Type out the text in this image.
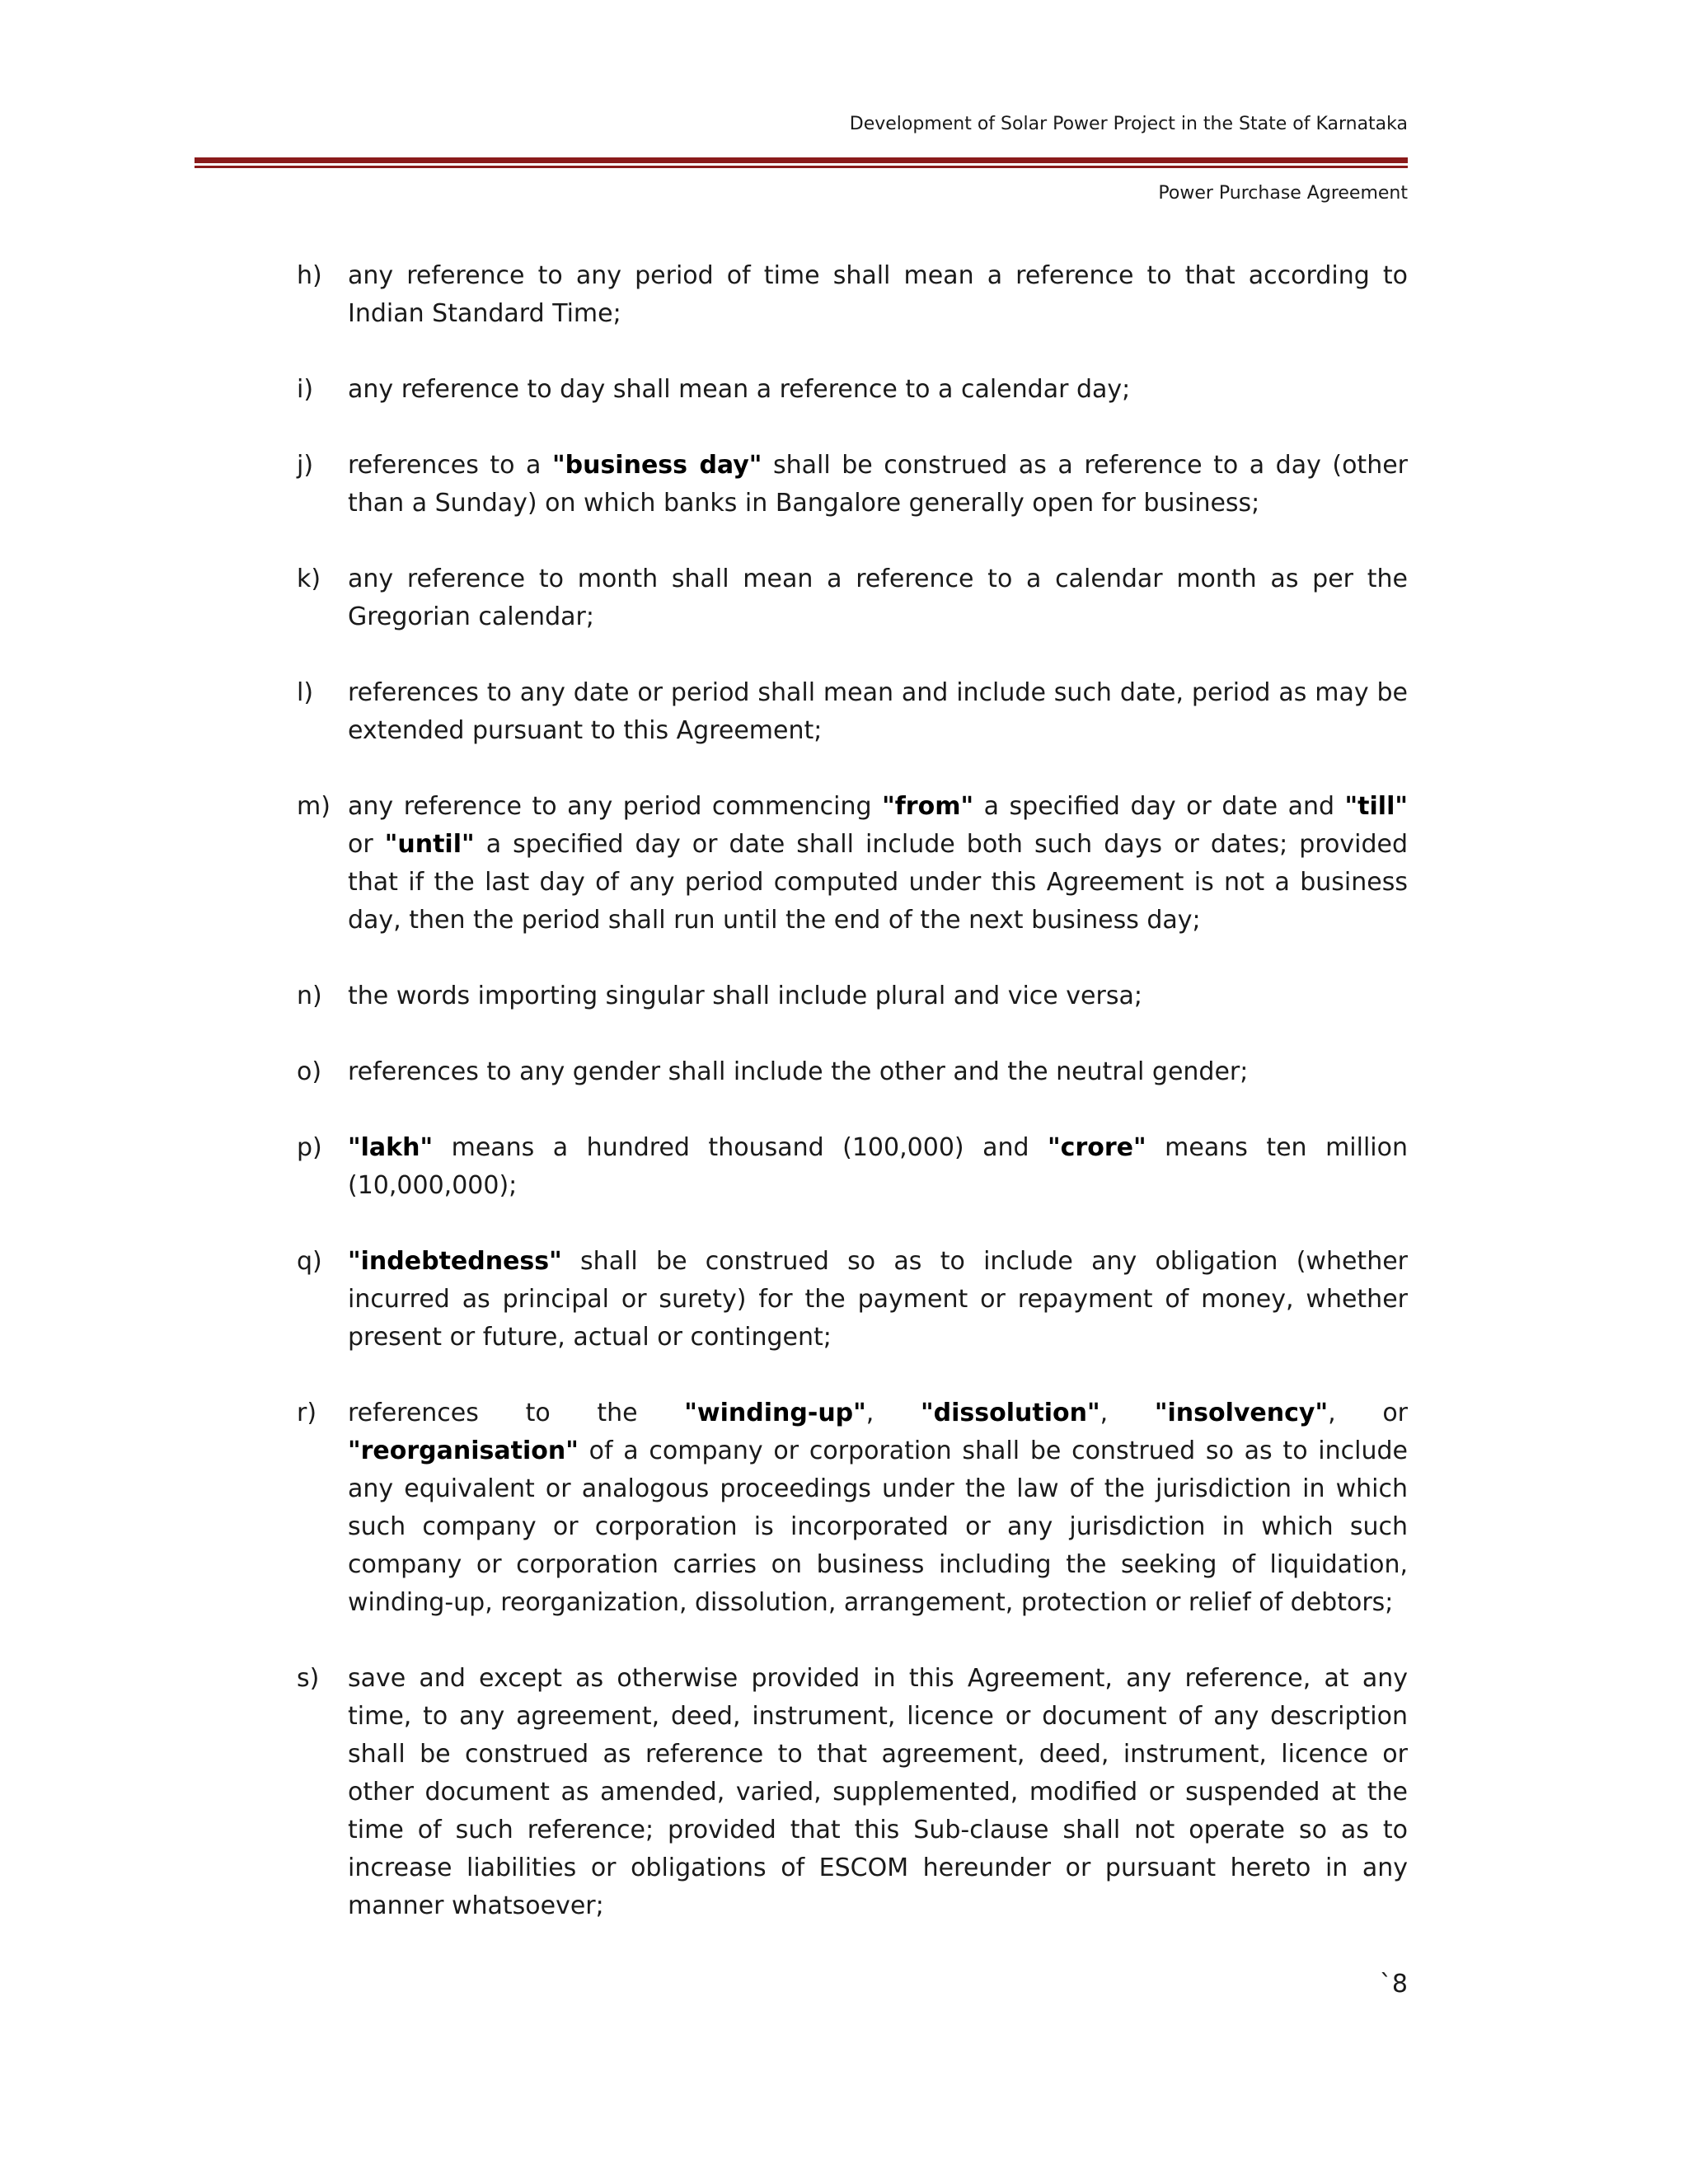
Development of Solar Power Project in the State of Karnataka
Power Purchase Agreement
h)	any reference to any period of time shall mean a reference to that according to Indian Standard Time;
i)	any reference to day shall mean a reference to a calendar day;
j)	references to a "business day" shall be construed as a reference to a day (other than a Sunday) on which banks in Bangalore generally open for business;
k)	any reference to month shall mean a reference to a calendar month as per the Gregorian calendar;
l)	references to any date or period shall mean and include such date, period as may be extended pursuant to this Agreement;
m) any reference to any period commencing "from" a specified day or date and "till" or "until" a specified day or date shall include both such days or dates; provided that if the last day of any period computed under this Agreement is not a business day, then the period shall run until the end of the next business day;
n)	the words importing singular shall include plural and vice versa;
o)	references to any gender shall include the other and the neutral gender;
p)	"lakh" means a hundred thousand (100,000) and "crore" means ten million (10,000,000);
q)	"indebtedness" shall be construed so as to include any obligation (whether incurred as principal or surety) for the payment or repayment of money, whether present or future, actual or contingent;
r)	references to the "winding-up", "dissolution", "insolvency", or "reorganisation" of a company or corporation shall be construed so as to include any equivalent or analogous proceedings under the law of the jurisdiction in which such company or corporation is incorporated or any jurisdiction in which such company or corporation carries on business including the seeking of liquidation, winding-up, reorganization, dissolution, arrangement, protection or relief of debtors;
s)	save and except as otherwise provided in this Agreement, any reference, at any time, to any agreement, deed, instrument, licence or document of any description shall be construed as reference to that agreement, deed, instrument, licence or other document as amended, varied, supplemented, modified or suspended at the time of such reference; provided that this Sub-clause shall not operate so as to increase liabilities or obligations of ESCOM hereunder or pursuant hereto in any manner whatsoever;
`8
